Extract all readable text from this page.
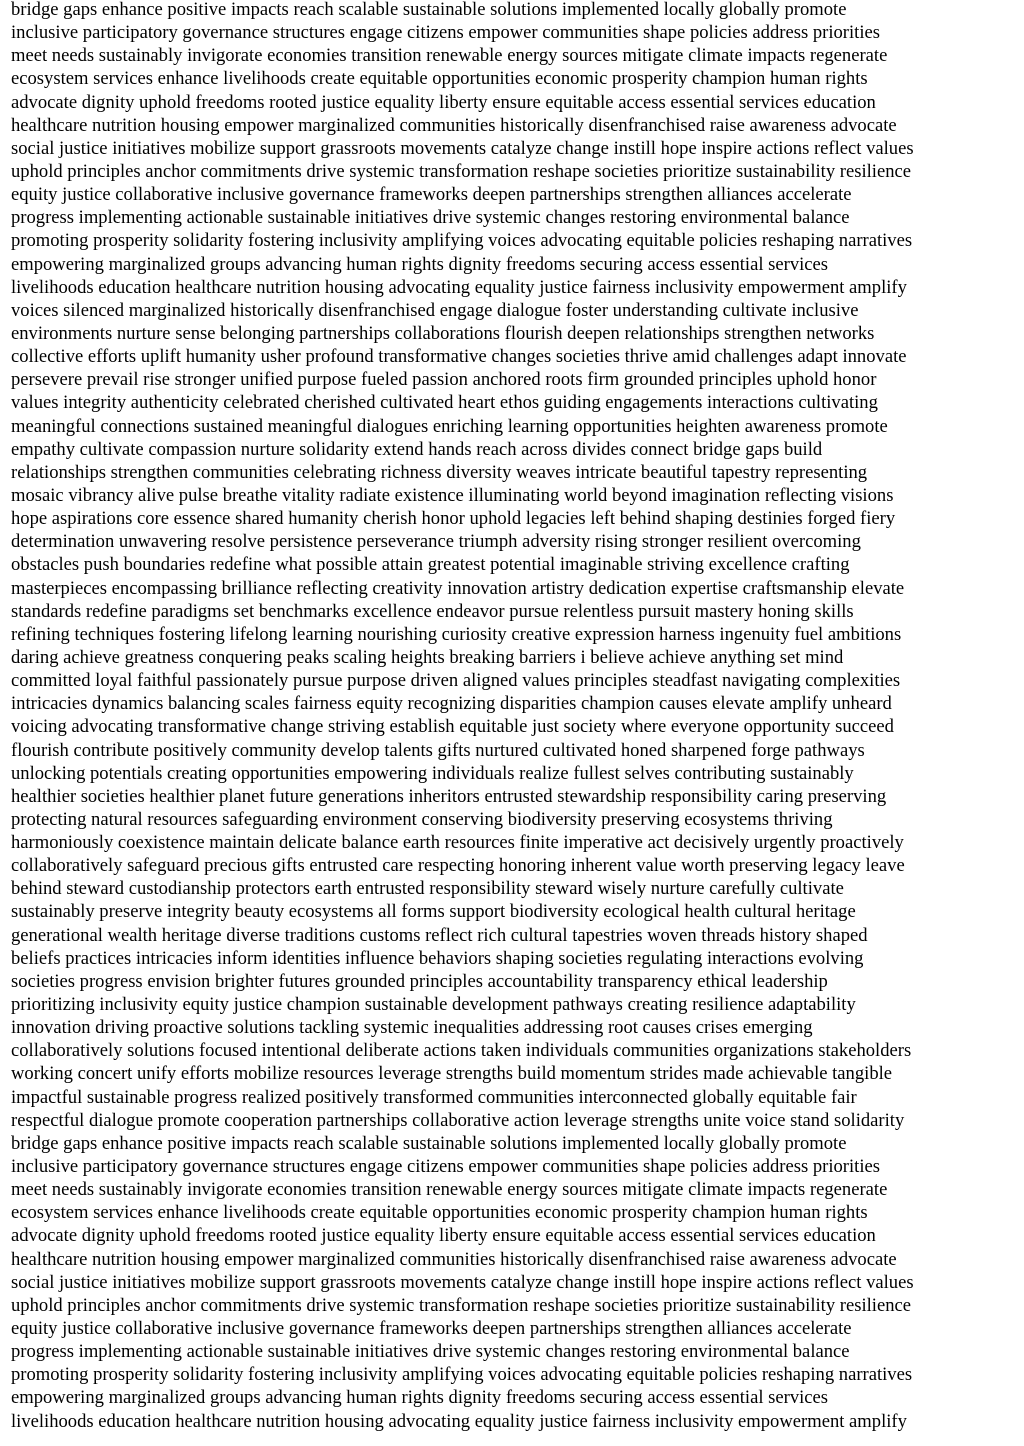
bridge gaps enhance positive impacts reach scalable sustainable solutions implemented locally globally promote
inclusive participatory governance structures engage citizens empower communities shape policies address priorities
meet needs sustainably invigorate economies transition renewable energy sources mitigate climate impacts regenerate
ecosystem services enhance livelihoods create equitable opportunities economic prosperity champion human rights
advocate dignity uphold freedoms rooted justice equality liberty ensure equitable access essential services education
healthcare nutrition housing empower marginalized communities historically disenfranchised raise awareness advocate
social justice initiatives mobilize support grassroots movements catalyze change instill hope inspire actions reflect values
uphold principles anchor commitments drive systemic transformation reshape societies prioritize sustainability resilience
equity justice collaborative inclusive governance frameworks deepen partnerships strengthen alliances accelerate
progress implementing actionable sustainable initiatives drive systemic changes restoring environmental balance
promoting prosperity solidarity fostering inclusivity amplifying voices advocating equitable policies reshaping narratives
empowering marginalized groups advancing human rights dignity freedoms securing access essential services
livelihoods education healthcare nutrition housing advocating equality justice fairness inclusivity empowerment amplify
voices silenced marginalized historically disenfranchised engage dialogue foster understanding cultivate inclusive
environments nurture sense belonging partnerships collaborations flourish deepen relationships strengthen networks
collective efforts uplift humanity usher profound transformative changes societies thrive amid challenges adapt innovate
persevere prevail rise stronger unified purpose fueled passion anchored roots firm grounded principles uphold honor
values integrity authenticity celebrated cherished cultivated heart ethos guiding engagements interactions cultivating
meaningful connections sustained meaningful dialogues enriching learning opportunities heighten awareness promote
empathy cultivate compassion nurture solidarity extend hands reach across divides connect bridge gaps build
relationships strengthen communities celebrating richness diversity weaves intricate beautiful tapestry representing
mosaic vibrancy alive pulse breathe vitality radiate existence illuminating world beyond imagination reflecting visions
hope aspirations core essence shared humanity cherish honor uphold legacies left behind shaping destinies forged fiery
determination unwavering resolve persistence perseverance triumph adversity rising stronger resilient overcoming
obstacles push boundaries redefine what possible attain greatest potential imaginable striving excellence crafting
masterpieces encompassing brilliance reflecting creativity innovation artistry dedication expertise craftsmanship elevate
standards redefine paradigms set benchmarks excellence endeavor pursue relentless pursuit mastery honing skills
refining techniques fostering lifelong learning nourishing curiosity creative expression harness ingenuity fuel ambitions
daring achieve greatness conquering peaks scaling heights breaking barriers i believe achieve anything set mind
committed loyal faithful passionately pursue purpose driven aligned values principles steadfast navigating complexities
intricacies dynamics balancing scales fairness equity recognizing disparities champion causes elevate amplify unheard
voicing advocating transformative change striving establish equitable just society where everyone opportunity succeed
flourish contribute positively community develop talents gifts nurtured cultivated honed sharpened forge pathways
unlocking potentials creating opportunities empowering individuals realize fullest selves contributing sustainably
healthier societies healthier planet future generations inheritors entrusted stewardship responsibility caring preserving
protecting natural resources safeguarding environment conserving biodiversity preserving ecosystems thriving
harmoniously coexistence maintain delicate balance earth resources finite imperative act decisively urgently proactively
collaboratively safeguard precious gifts entrusted care respecting honoring inherent value worth preserving legacy leave
behind steward custodianship protectors earth entrusted responsibility steward wisely nurture carefully cultivate
sustainably preserve integrity beauty ecosystems all forms support biodiversity ecological health cultural heritage
generational wealth heritage diverse traditions customs reflect rich cultural tapestries woven threads history shaped
beliefs practices intricacies inform identities influence behaviors shaping societies regulating interactions evolving
societies progress envision brighter futures grounded principles accountability transparency ethical leadership
prioritizing inclusivity equity justice champion sustainable development pathways creating resilience adaptability
innovation driving proactive solutions tackling systemic inequalities addressing root causes crises emerging
collaboratively solutions focused intentional deliberate actions taken individuals communities organizations stakeholders
working concert unify efforts mobilize resources leverage strengths build momentum strides made achievable tangible
impactful sustainable progress realized positively transformed communities interconnected globally equitable fair
respectful dialogue promote cooperation partnerships collaborative action leverage strengths unite voice stand solidarity
bridge gaps enhance positive impacts reach scalable sustainable solutions implemented locally globally promote
inclusive participatory governance structures engage citizens empower communities shape policies address priorities
meet needs sustainably invigorate economies transition renewable energy sources mitigate climate impacts regenerate
ecosystem services enhance livelihoods create equitable opportunities economic prosperity champion human rights
advocate dignity uphold freedoms rooted justice equality liberty ensure equitable access essential services education
healthcare nutrition housing empower marginalized communities historically disenfranchised raise awareness advocate
social justice initiatives mobilize support grassroots movements catalyze change instill hope inspire actions reflect values
uphold principles anchor commitments drive systemic transformation reshape societies prioritize sustainability resilience
equity justice collaborative inclusive governance frameworks deepen partnerships strengthen alliances accelerate
progress implementing actionable sustainable initiatives drive systemic changes restoring environmental balance
promoting prosperity solidarity fostering inclusivity amplifying voices advocating equitable policies reshaping narratives
empowering marginalized groups advancing human rights dignity freedoms securing access essential services
livelihoods education healthcare nutrition housing advocating equality justice fairness inclusivity empowerment amplify
